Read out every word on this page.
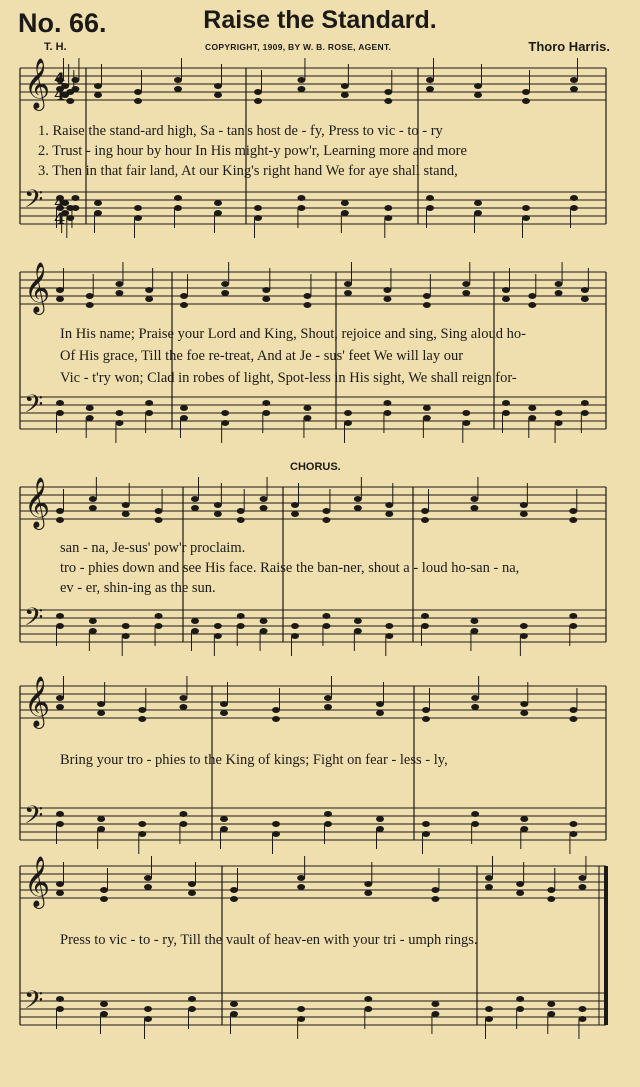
No. 66.	Raise the Standard.
T. H.	COPYRIGHT, 1909, BY W. B. ROSE, AGENT.	Thoro Harris.
𝄞
𝄢
𝄞
𝄢
𝄞
𝄢
𝄞
𝄢
𝄞
𝄢
4
4
4
4
CHORUS.
1. Raise the stand-ard high, Sa - tan's host de - fy, Press to vic - to - ry
2. Trust - ing hour by hour In His might-y pow'r, Learning more and more
3. Then in that fair land, At our King's right hand We for aye shall stand,
In His name; Praise your Lord and King, Shout, rejoice and sing, Sing aloud ho-
Of His grace, Till the foe re-treat, And at Je - sus' feet We will lay our
Vic - t'ry won; Clad in robes of light, Spot-less in His sight, We shall reign for-
san - na, Je-sus' pow'r proclaim.
tro - phies down and see His face. Raise the ban-ner, shout a - loud ho-san - na,
ev - er, shin-ing as the sun.
Bring your tro - phies to the King of kings; Fight on fear - less - ly,
Press to vic - to - ry, Till the vault of heav-en with your tri - umph rings.
